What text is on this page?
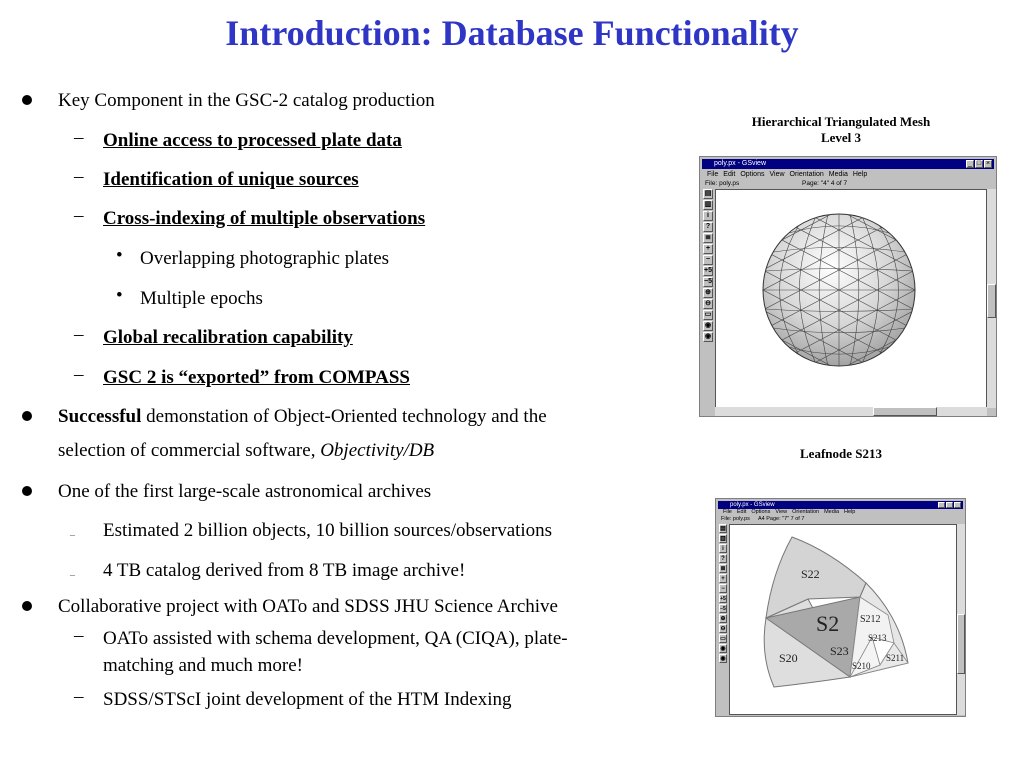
Introduction: Database Functionality
Key Component in the GSC-2 catalog production
– Online access to processed plate data
– Identification of unique sources
– Cross-indexing of multiple observations
• Overlapping photographic plates
• Multiple epochs
– Global recalibration capability
– GSC 2 is “exported” from COMPASS
Successful demonstation of Object-Oriented technology and the
selection of commercial software, Objectivity/DB
One of the first large-scale astronomical archives
– Estimated 2 billion objects, 10 billion sources/observations
– 4 TB catalog derived from 8 TB image archive!
Collaborative project with OATo and SDSS JHU Science Archive
– OATo assisted with schema development, QA (CIQA), plate-
matching and much more!
– SDSS/STScI joint development of the HTM Indexing
Hierarchical Triangulated Mesh
Level 3
poly.px - GSview	_ □ ×
File Edit Options View Orientation Media Help
File: poly.ps	Page: "4" 4 of 7
▤
▥
i
?
≣
+
−
+5
−5
⊕
⊖
▭
◉
◉
Leafnode S213
poly.px - GSview
File Edit Options View Orientation Media Help
File: poly.ps A4 Page: "7" 7 of 7
▤
▥
i
?
≣
+
−
+5
−5
⊕
⊖
▭
◉
◉
S22
S2
S23
S20
S212
S213
S210
S211
